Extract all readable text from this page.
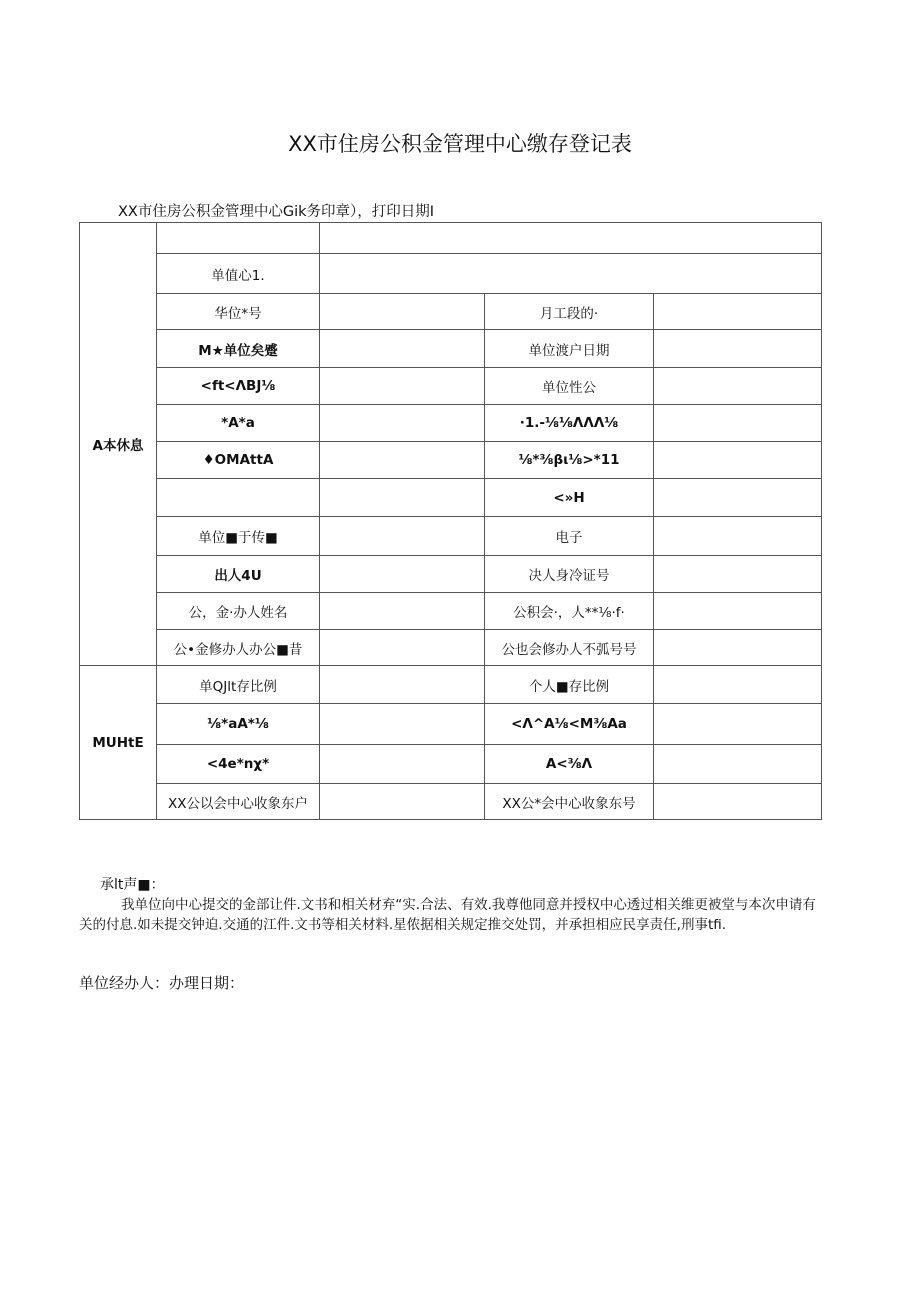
XX市住房公积金管理中心缴存登记表
XX市住房公积金管理中心Gik务印章），打印日期I
A本休息				
	单值心1.			
	华位*号		月工段的·	
	M★单位矣蹙		单位渡户日期	
	<ft<ΛBJ⅛		单位性公	
	*A*a		·1.-⅛⅛ΛΛΛ⅛	
	♦OMAttA		⅛*⅜βι⅛>*11	
			<»H	
	单位■于传■		电子	
	出人4U		决人身冷证号	
	公，金·办人姓名		公积会·，人**⅛·f·	
	公•金修办人办公■昔		公也会修办人不弧号号	
MUHtE	单QJlt存比例		个人■存比例	
	⅛*aA*⅛		<Λ^A⅛<M⅜Aa	
	<4e*nχ*		A<⅜Λ	
	XX公以会中心收象东户		XX公*会中心收象东号	
承lt声■：
我单位向中心提交的金部让件.文书和相关材弃“实.合法、有效.我尊他同意并授权中心透过相关维更被堂与本次申请有关的付息.如未提交钟迫.交通的江件.文书等相关材料.星侬据相关规定推交处罚，并承担相应民享责任,刑事tfi.
单位经办人：办理日期：
